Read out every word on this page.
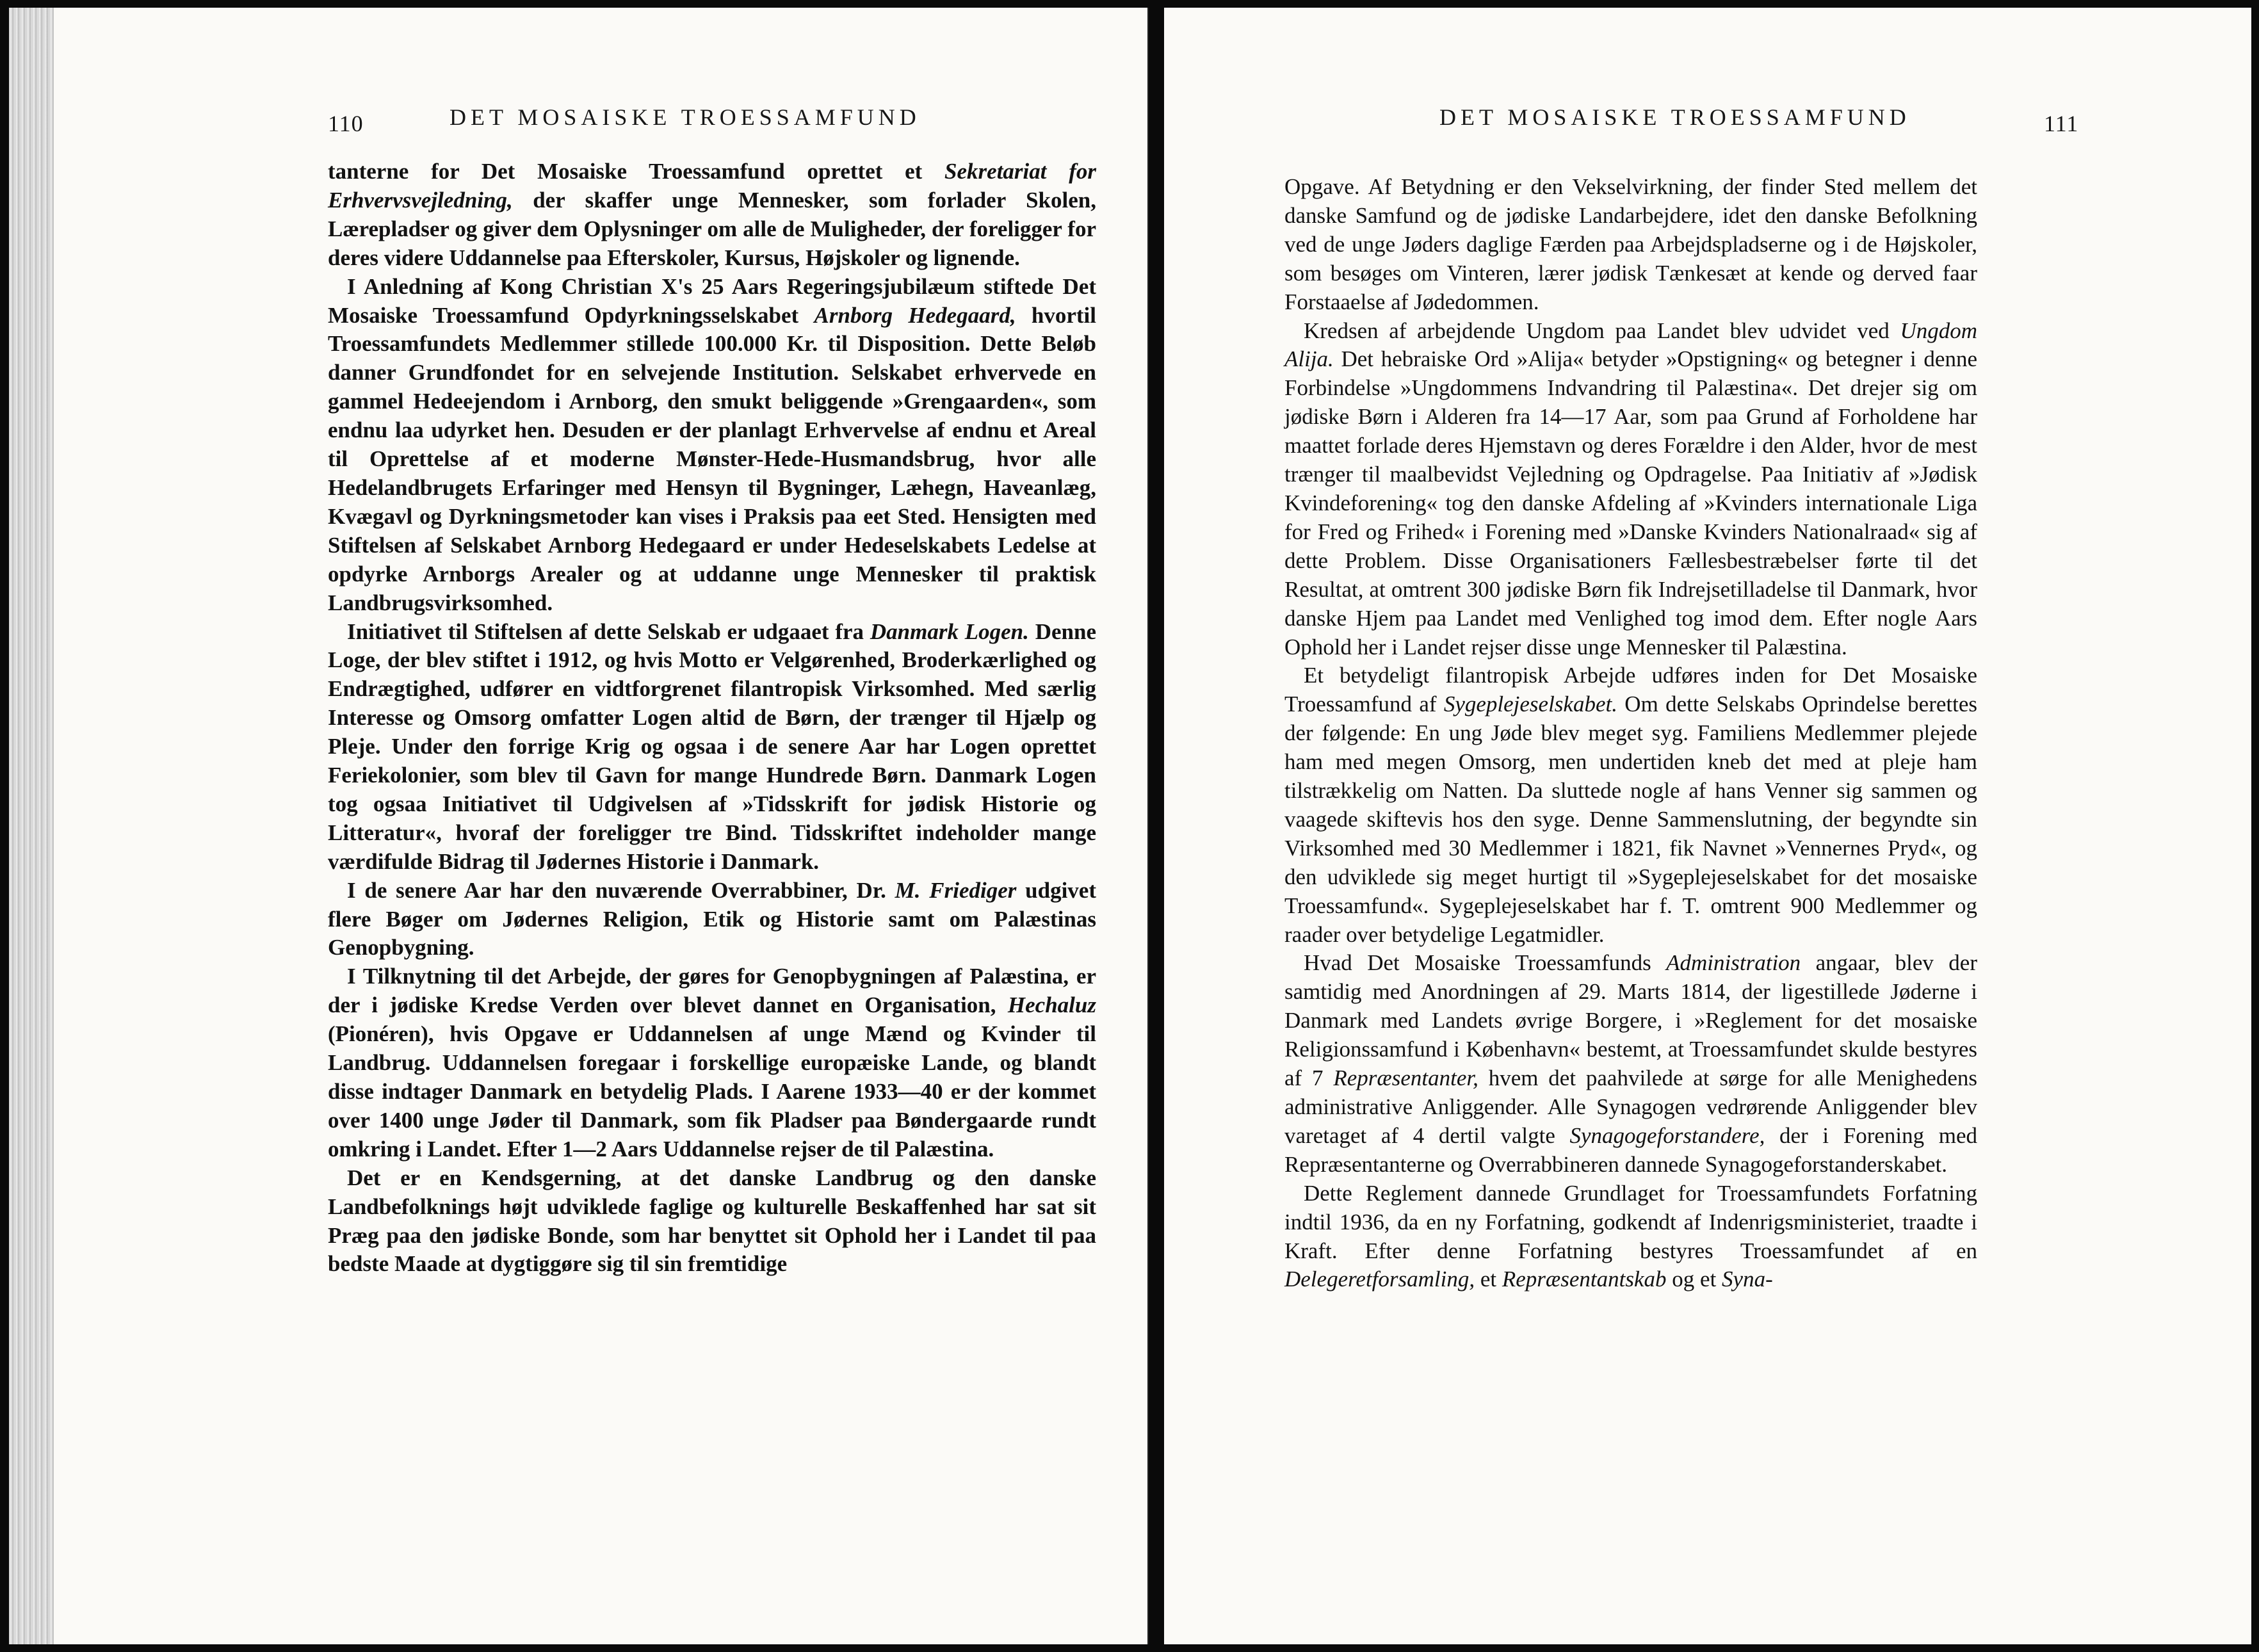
110	DET MOSAISKE TROESSAMFUND

tanterne for Det Mosaiske Troessamfund oprettet et Sekretariat for Erhvervsvejledning, der skaffer unge Mennesker, som forlader Skolen, Lærepladser og giver dem Oplysninger om alle de Muligheder, der foreligger for deres videre Uddannelse paa Efterskoler, Kursus, Højskoler og lignende.

I Anledning af Kong Christian X's 25 Aars Regeringsjubilæum stiftede Det Mosaiske Troessamfund Opdyrkningsselskabet Arnborg Hedegaard, hvortil Troessamfundets Medlemmer stillede 100.000 Kr. til Disposition. Dette Beløb danner Grundfondet for en selvejende Institution. Selskabet erhvervede en gammel Hedeejendom i Arnborg, den smukt beliggende »Grengaarden«, som endnu laa udyrket hen. Desuden er der planlagt Erhvervelse af endnu et Areal til Oprettelse af et moderne Mønster-Hede-Husmandsbrug, hvor alle Hedelandbrugets Erfaringer med Hensyn til Bygninger, Læhegn, Haveanlæg, Kvægavl og Dyrkningsmetoder kan vises i Praksis paa eet Sted. Hensigten med Stiftelsen af Selskabet Arnborg Hedegaard er under Hedeselskabets Ledelse at opdyrke Arnborgs Arealer og at uddanne unge Mennesker til praktisk Landbrugsvirksomhed.

Initiativet til Stiftelsen af dette Selskab er udgaaet fra Danmark Logen. Denne Loge, der blev stiftet i 1912, og hvis Motto er Velgørenhed, Broderkærlighed og Endrægtighed, udfører en vidtforgrenet filantropisk Virksomhed. Med særlig Interesse og Omsorg omfatter Logen altid de Børn, der trænger til Hjælp og Pleje. Under den forrige Krig og ogsaa i de senere Aar har Logen oprettet Feriekolonier, som blev til Gavn for mange Hundrede Børn. Danmark Logen tog ogsaa Initiativet til Udgivelsen af »Tidsskrift for jødisk Historie og Litteratur«, hvoraf der foreligger tre Bind. Tidsskriftet indeholder mange værdifulde Bidrag til Jødernes Historie i Danmark.

I de senere Aar har den nuværende Overrabbiner, Dr. M. Friediger udgivet flere Bøger om Jødernes Religion, Etik og Historie samt om Palæstinas Genopbygning.

I Tilknytning til det Arbejde, der gøres for Genopbygningen af Palæstina, er der i jødiske Kredse Verden over blevet dannet en Organisation, Hechaluz (Pionéren), hvis Opgave er Uddannelsen af unge Mænd og Kvinder til Landbrug. Uddannelsen foregaar i forskellige europæiske Lande, og blandt disse indtager Danmark en betydelig Plads. I Aarene 1933—40 er der kommet over 1400 unge Jøder til Danmark, som fik Pladser paa Bøndergaarde rundt omkring i Landet. Efter 1—2 Aars Uddannelse rejser de til Palæstina.

Det er en Kendsgerning, at det danske Landbrug og den danske Landbefolknings højt udviklede faglige og kulturelle Beskaffenhed har sat sit Præg paa den jødiske Bonde, som har benyttet sit Ophold her i Landet til paa bedste Maade at dygtiggøre sig til sin fremtidige

DET MOSAISKE TROESSAMFUND	111

Opgave. Af Betydning er den Vekselvirkning, der finder Sted mellem det danske Samfund og de jødiske Landarbejdere, idet den danske Befolkning ved de unge Jøders daglige Færden paa Arbejdspladserne og i de Højskoler, som besøges om Vinteren, lærer jødisk Tænkesæt at kende og derved faar Forstaaelse af Jødedommen.

Kredsen af arbejdende Ungdom paa Landet blev udvidet ved Ungdom Alija. Det hebraiske Ord »Alija« betyder »Opstigning« og betegner i denne Forbindelse »Ungdommens Indvandring til Palæstina«. Det drejer sig om jødiske Børn i Alderen fra 14—17 Aar, som paa Grund af Forholdene har maattet forlade deres Hjemstavn og deres Forældre i den Alder, hvor de mest trænger til maalbevidst Vejledning og Opdragelse. Paa Initiativ af »Jødisk Kvindeforening« tog den danske Afdeling af »Kvinders internationale Liga for Fred og Frihed« i Forening med »Danske Kvinders Nationalraad« sig af dette Problem. Disse Organisationers Fællesbestræbelser førte til det Resultat, at omtrent 300 jødiske Børn fik Indrejsetilladelse til Danmark, hvor danske Hjem paa Landet med Venlighed tog imod dem. Efter nogle Aars Ophold her i Landet rejser disse unge Mennesker til Palæstina.

Et betydeligt filantropisk Arbejde udføres inden for Det Mosaiske Troessamfund af Sygeplejeselskabet. Om dette Selskabs Oprindelse berettes der følgende: En ung Jøde blev meget syg. Familiens Medlemmer plejede ham med megen Omsorg, men undertiden kneb det med at pleje ham tilstrækkelig om Natten. Da sluttede nogle af hans Venner sig sammen og vaagede skiftevis hos den syge. Denne Sammenslutning, der begyndte sin Virksomhed med 30 Medlemmer i 1821, fik Navnet »Vennernes Pryd«, og den udviklede sig meget hurtigt til »Sygeplejeselskabet for det mosaiske Troessamfund«. Sygeplejeselskabet har f. T. omtrent 900 Medlemmer og raader over betydelige Legatmidler.

Hvad Det Mosaiske Troessamfunds Administration angaar, blev der samtidig med Anordningen af 29. Marts 1814, der ligestillede Jøderne i Danmark med Landets øvrige Borgere, i »Reglement for det mosaiske Religionssamfund i København« bestemt, at Troessamfundet skulde bestyres af 7 Repræsentanter, hvem det paahvilede at sørge for alle Menighedens administrative Anliggender. Alle Synagogen vedrørende Anliggender blev varetaget af 4 dertil valgte Synagogeforstandere, der i Forening med Repræsentanterne og Overrabbineren dannede Synagogeforstanderskabet.

Dette Reglement dannede Grundlaget for Troessamfundets Forfatning indtil 1936, da en ny Forfatning, godkendt af Indenrigsministeriet, traadte i Kraft. Efter denne Forfatning bestyres Troessamfundet af en Delegeretforsamling, et Repræsentantskab og et Syna-
